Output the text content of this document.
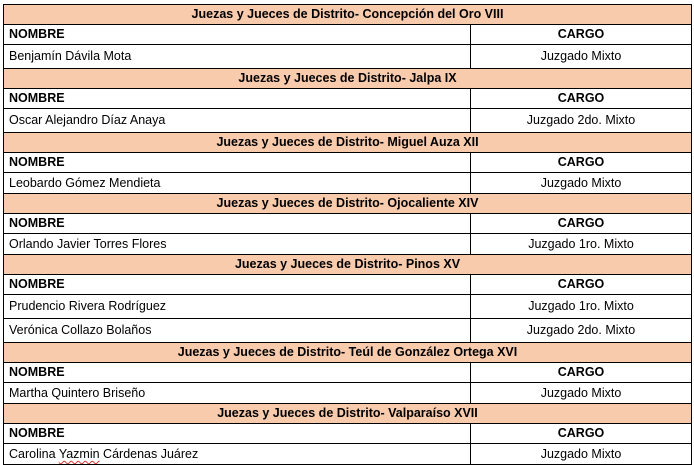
Juezas y Jueces de Distrito- Concepción del Oro VIII	
NOMBRE	CARGO
Benjamín Dávila Mota	Juzgado Mixto
Juezas y Jueces de Distrito- Jalpa IX	
NOMBRE	CARGO
Oscar Alejandro Díaz Anaya	Juzgado 2do. Mixto
Juezas y Jueces de Distrito- Miguel Auza XII	
NOMBRE	CARGO
Leobardo Gómez Mendieta	Juzgado Mixto
Juezas y Jueces de Distrito- Ojocaliente XIV	
NOMBRE	CARGO
Orlando Javier Torres Flores	Juzgado 1ro. Mixto
Juezas y Jueces de Distrito- Pinos XV	
NOMBRE	CARGO
Prudencio Rivera Rodríguez	Juzgado 1ro. Mixto
Verónica Collazo Bolaños	Juzgado 2do. Mixto
Juezas y Jueces de Distrito- Teúl de González Ortega XVI	
NOMBRE	CARGO
Martha Quintero Briseño	Juzgado Mixto
Juezas y Jueces de Distrito- Valparaíso XVII	
NOMBRE	CARGO
Carolina Yazmin Cárdenas Juárez	Juzgado Mixto
